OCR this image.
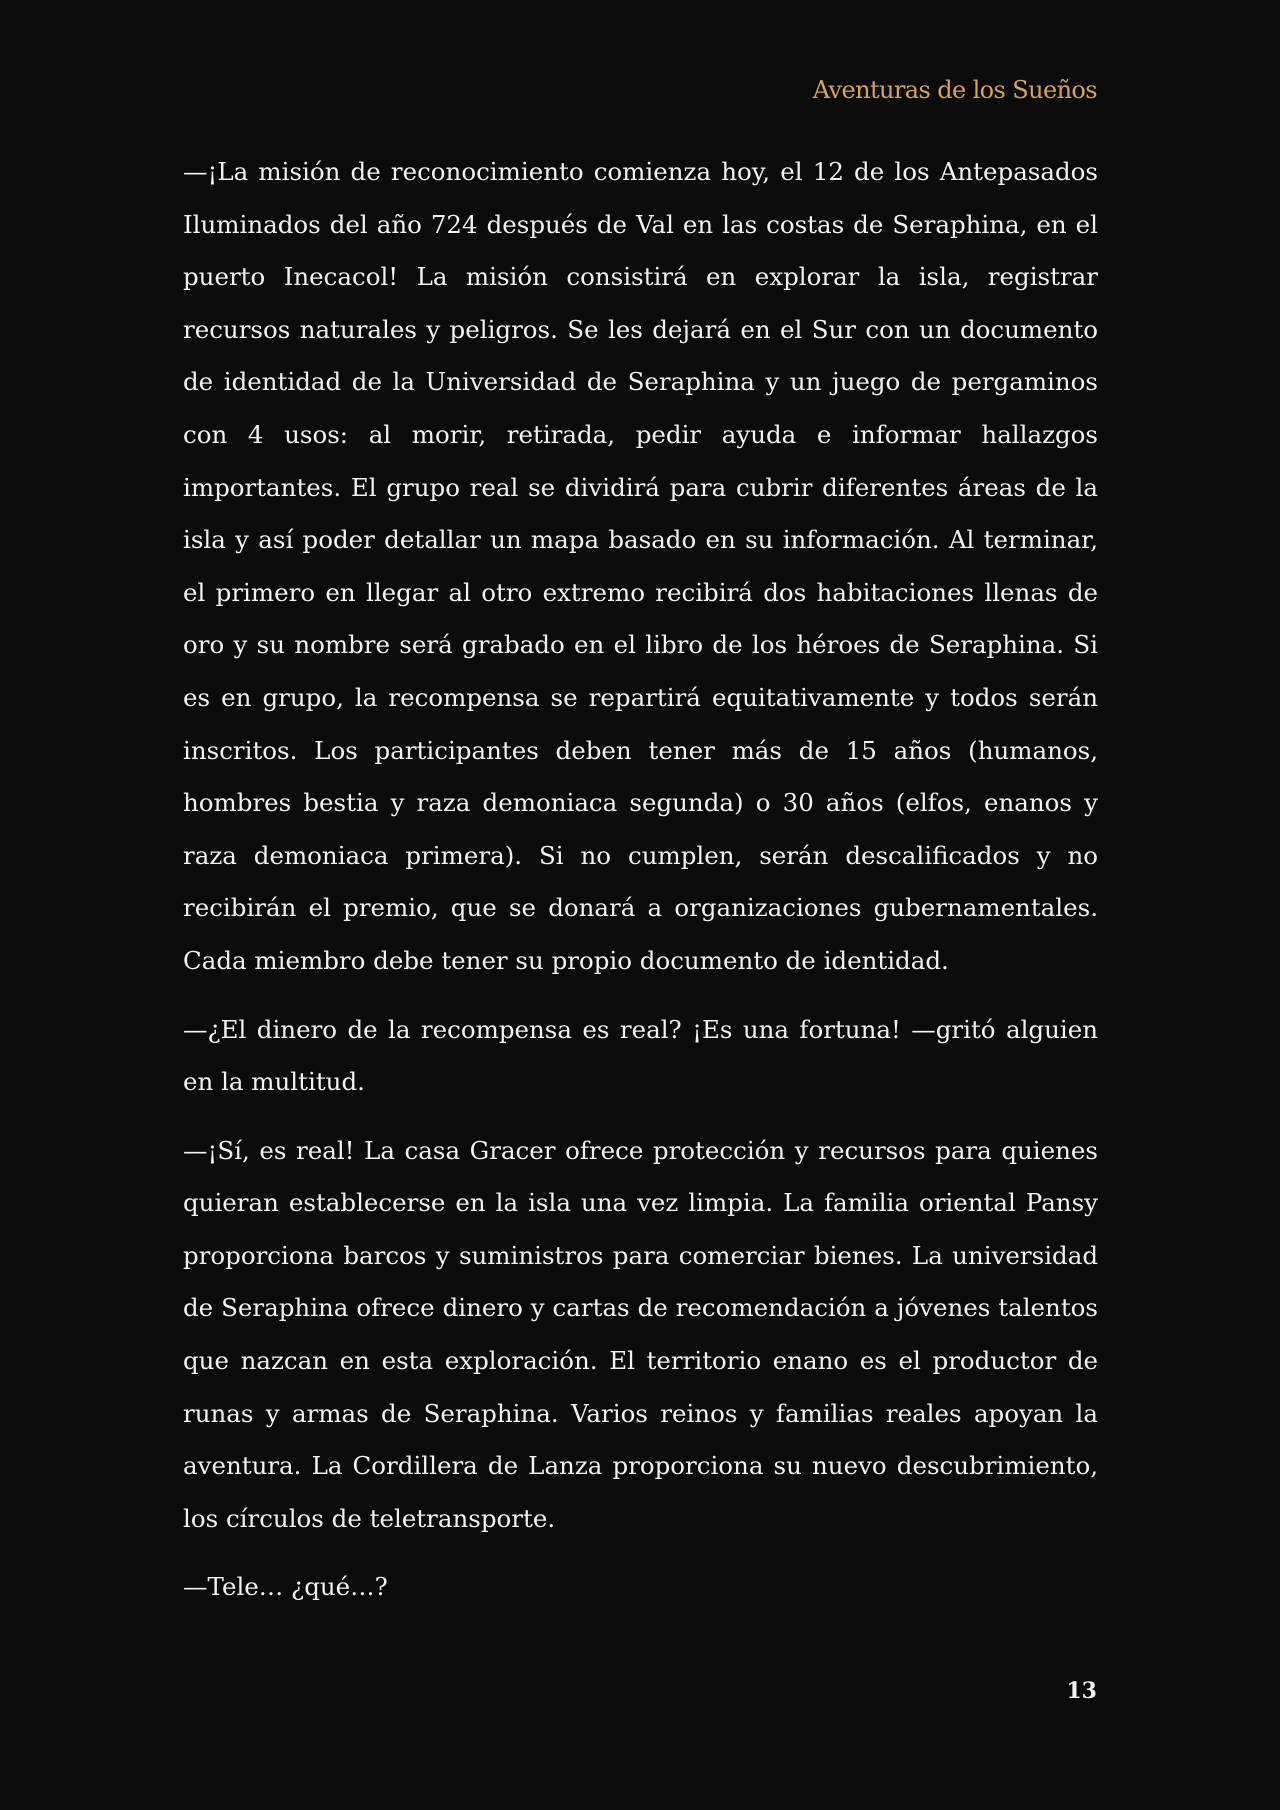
Aventuras de los Sueños

—¡La misión de reconocimiento comienza hoy, el 12 de los Antepasados Iluminados del año 724 después de Val en las costas de Seraphina, en el puerto Inecacol! La misión consistirá en explorar la isla, registrar recursos naturales y peligros. Se les dejará en el Sur con un documento de identidad de la Universidad de Seraphina y un juego de pergaminos con 4 usos: al morir, retirada, pedir ayuda e informar hallazgos importantes. El grupo real se dividirá para cubrir diferentes áreas de la isla y así poder detallar un mapa basado en su información. Al terminar, el primero en llegar al otro extremo recibirá dos habitaciones llenas de oro y su nombre será grabado en el libro de los héroes de Seraphina. Si es en grupo, la recompensa se repartirá equitativamente y todos serán inscritos. Los participantes deben tener más de 15 años (humanos, hombres bestia y raza demoniaca segunda) o 30 años (elfos, enanos y raza demoniaca primera). Si no cumplen, serán descalificados y no recibirán el premio, que se donará a organizaciones gubernamentales. Cada miembro debe tener su propio documento de identidad.

—¿El dinero de la recompensa es real? ¡Es una fortuna! —gritó alguien en la multitud.

—¡Sí, es real! La casa Gracer ofrece protección y recursos para quienes quieran establecerse en la isla una vez limpia. La familia oriental Pansy proporciona barcos y suministros para comerciar bienes. La universidad de Seraphina ofrece dinero y cartas de recomendación a jóvenes talentos que nazcan en esta exploración. El territorio enano es el productor de runas y armas de Seraphina. Varios reinos y familias reales apoyan la aventura. La Cordillera de Lanza proporciona su nuevo descubrimiento, los círculos de teletransporte.

—Tele… ¿qué…?

13
